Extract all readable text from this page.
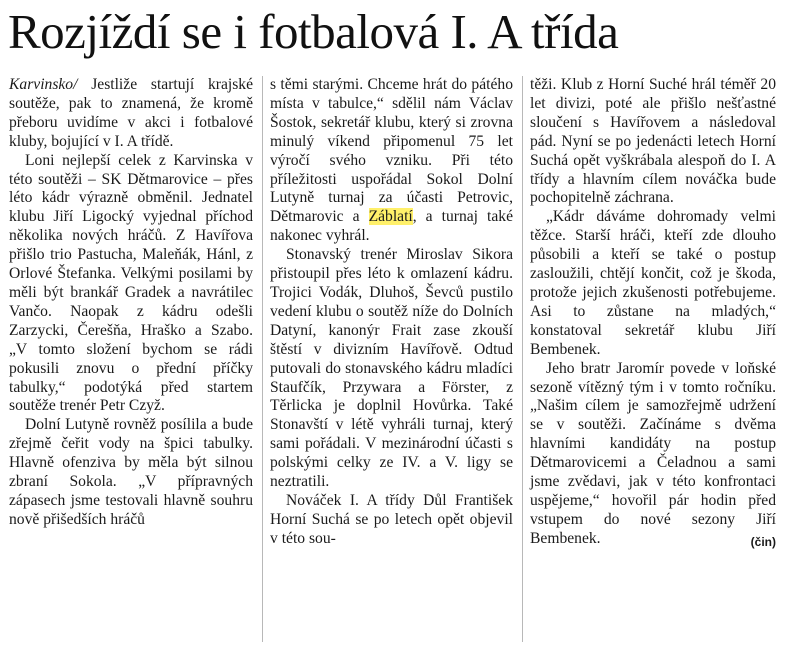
Rozjíždí se i fotbalová I. A třída

Karvinsko/ Jestliže startují krajské soutěže, pak to znamená, že kromě přeboru uvidíme v akci i fotbalové kluby, bojující v I. A třídě.

Loni nejlepší celek z Karvinska v této soutěži – SK Dětmarovice – přes léto kádr výrazně obměnil. Jednatel klubu Jiří Ligocký vyjednal příchod několika nových hráčů. Z Havířova přišlo trio Pastucha, Maleňák, Hánl, z Orlové Štefanka. Velkými posilami by měli být brankář Gradek a navrátilec Vančo. Naopak z kádru odešli Zarzycki, Čerešňa, Hraško a Szabo. „V tomto složení bychom se rádi pokusili znovu o přední příčky tabulky,“ podotýká před startem soutěže trenér Petr Czyž.

Dolní Lutyně rovněž posílila a bude zřejmě čeřit vody na špici tabulky. Hlavně ofenziva by měla být silnou zbraní Sokola. „V přípravných zápasech jsme testovali hlavně souhru nově přišedších hráčů

s těmi starými. Chceme hrát do pátého místa v tabulce,“ sdělil nám Václav Šostok, sekretář klubu, který si zrovna minulý víkend připomenul 75 let výročí svého vzniku. Při této příležitosti uspořádal Sokol Dolní Lutyně turnaj za účasti Petrovic, Dětmarovic a Záblatí, a turnaj také nakonec vyhrál.

Stonavský trenér Miroslav Sikora přistoupil přes léto k omlazení kádru. Trojici Vodák, Dluhoš, Ševců pustilo vedení klubu o soutěž níže do Dolních Datyní, kanonýr Frait zase zkouší štěstí v divizním Havířově. Odtud putovali do stonavského kádru mladíci Staufčík, Przywara a Förster, z Těrlicka je doplnil Hovůrka. Také Stonavští v létě vyhráli turnaj, který sami pořádali. V mezinárodní účasti s polskými celky ze IV. a V. ligy se neztratili.

Nováček I. A třídy Důl František Horní Suchá se po letech opět objevil v této sou-

těži. Klub z Horní Suché hrál téměř 20 let divizi, poté ale přišlo nešťastné sloučení s Havířovem a následoval pád. Nyní se po jedenácti letech Horní Suchá opět vyškrábala alespoň do I. A třídy a hlavním cílem nováčka bude pochopitelně záchrana.

„Kádr dáváme dohromady velmi těžce. Starší hráči, kteří zde dlouho působili a kteří se také o postup zasloužili, chtějí končit, což je škoda, protože jejich zkušenosti potřebujeme. Asi to zůstane na mladých,“ konstatoval sekretář klubu Jiří Bembenek.

Jeho bratr Jaromír povede v loňské sezoně vítězný tým i v tomto ročníku. „Našim cílem je samozřejmě udržení se v soutěži. Začínáme s dvěma hlavními kandidáty na postup Dětmarovicemi a Čeladnou a sami jsme zvědavi, jak v této konfrontaci uspějeme,“ hovořil pár hodin před vstupem do nové sezony Jiří Bembenek.	(čin)
